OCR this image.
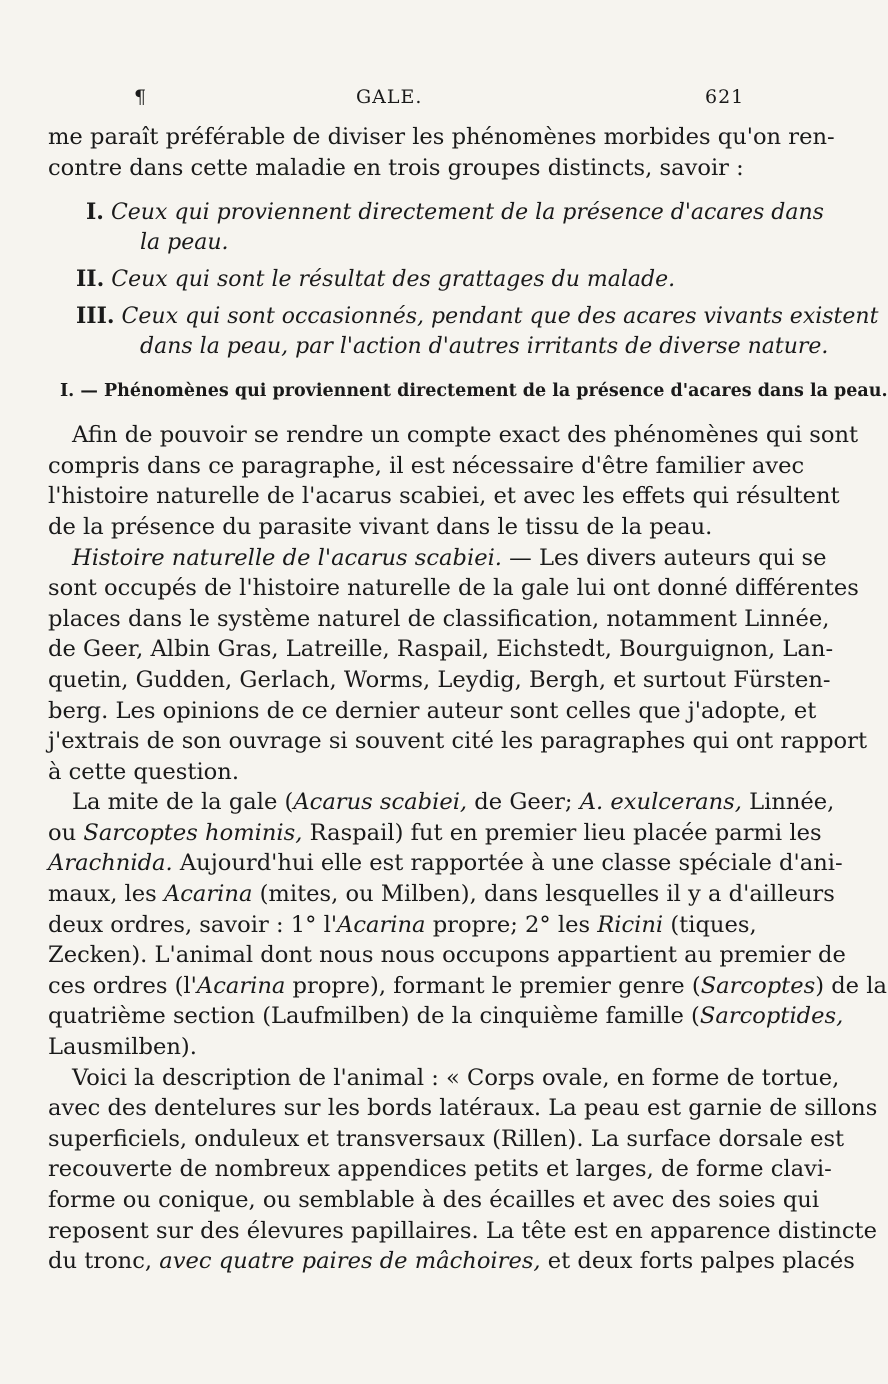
¶	GALE.	621
me paraît préférable de diviser les phénomènes morbides qu'on ren-
contre dans cette maladie en trois groupes distincts, savoir :
I. Ceux qui proviennent directement de la présence d'acares dans
la peau.
II. Ceux qui sont le résultat des grattages du malade.
III. Ceux qui sont occasionnés, pendant que des acares vivants existent
dans la peau, par l'action d'autres irritants de diverse nature.
I. — Phénomènes qui proviennent directement de la présence d'acares dans la peau.
Afin de pouvoir se rendre un compte exact des phénomènes qui sont
compris dans ce paragraphe, il est nécessaire d'être familier avec
l'histoire naturelle de l'acarus scabiei, et avec les effets qui résultent
de la présence du parasite vivant dans le tissu de la peau.
Histoire naturelle de l'acarus scabiei. — Les divers auteurs qui se
sont occupés de l'histoire naturelle de la gale lui ont donné différentes
places dans le système naturel de classification, notamment Linnée,
de Geer, Albin Gras, Latreille, Raspail, Eichstedt, Bourguignon, Lan-
quetin, Gudden, Gerlach, Worms, Leydig, Bergh, et surtout Fürsten-
berg. Les opinions de ce dernier auteur sont celles que j'adopte, et
j'extrais de son ouvrage si souvent cité les paragraphes qui ont rapport
à cette question.
La mite de la gale (Acarus scabiei, de Geer; A. exulcerans, Linnée,
ou Sarcoptes hominis, Raspail) fut en premier lieu placée parmi les
Arachnida. Aujourd'hui elle est rapportée à une classe spéciale d'ani-
maux, les Acarina (mites, ou Milben), dans lesquelles il y a d'ailleurs
deux ordres, savoir : 1° l'Acarina propre; 2° les Ricini (tiques,
Zecken). L'animal dont nous nous occupons appartient au premier de
ces ordres (l'Acarina propre), formant le premier genre (Sarcoptes) de la
quatrième section (Laufmilben) de la cinquième famille (Sarcoptides,
Lausmilben).
Voici la description de l'animal : « Corps ovale, en forme de tortue,
avec des dentelures sur les bords latéraux. La peau est garnie de sillons
superficiels, onduleux et transversaux (Rillen). La surface dorsale est
recouverte de nombreux appendices petits et larges, de forme clavi-
forme ou conique, ou semblable à des écailles et avec des soies qui
reposent sur des élevures papillaires. La tête est en apparence distincte
du tronc, avec quatre paires de mâchoires, et deux forts palpes placés
